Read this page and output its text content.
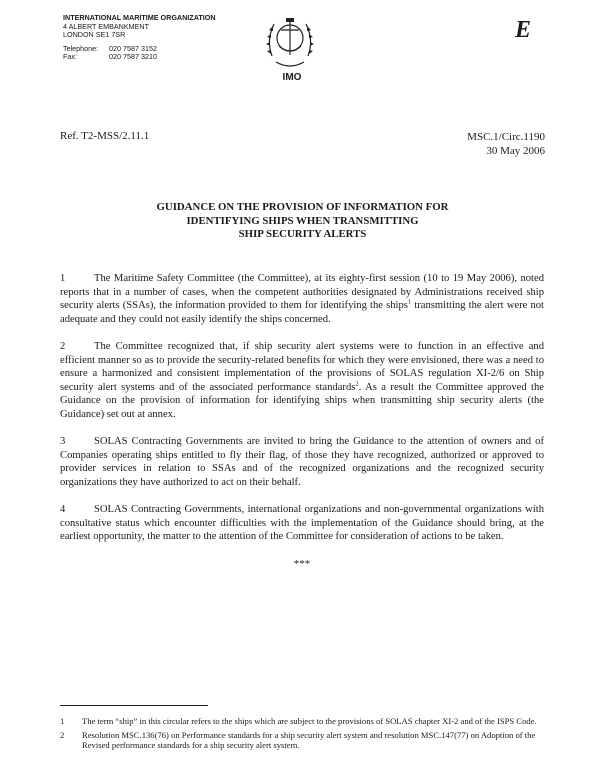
INTERNATIONAL MARITIME ORGANIZATION
4 ALBERT EMBANKMENT
LONDON SE1 7SR
Telephone:	020 7587 3152
Fax:	020 7587 3210
IMO
E
Ref. T2-MSS/2.11.1	MSC.1/Circ.1190
30 May 2006
GUIDANCE ON THE PROVISION OF INFORMATION FOR
IDENTIFYING SHIPS WHEN TRANSMITTING
SHIP SECURITY ALERTS

1	The Maritime Safety Committee (the Committee), at its eighty-first session (10 to 19 May 2006), noted reports that in a number of cases, when the competent authorities designated by Administrations received ship security alerts (SSAs), the information provided to them for identifying the ships$^1$ transmitting the alert were not adequate and they could not easily identify the ships concerned.

2	The Committee recognized that, if ship security alert systems were to function in an effective and efficient manner so as to provide the security-related benefits for which they were envisioned, there was a need to ensure a harmonized and consistent implementation of the provisions of SOLAS regulation XI-2/6 on Ship security alert systems and of the associated performance standards$^2$. As a result the Committee approved the Guidance on the provision of information for identifying ships when transmitting ship security alerts (the Guidance) set out at annex.

3	SOLAS Contracting Governments are invited to bring the Guidance to the attention of owners and of Companies operating ships entitled to fly their flag, of those they have recognized, authorized or approved to provider services in relation to SSAs and of the recognized organizations and the recognized security organizations they have authorized to act on their behalf.

4	SOLAS Contracting Governments, international organizations and non-governmental organizations with consultative status which encounter difficulties with the implementation of the Guidance should bring, at the earliest opportunity, the matter to the attention of the Committee for consideration of actions to be taken.

***
1	The term “ship” in this circular refers to the ships which are subject to the provisions of SOLAS chapter XI-2 and of the ISPS Code.
2	Resolution MSC.136(76) on Performance standards for a ship security alert system and resolution MSC.147(77) on Adoption of the Revised performance standards for a ship security alert system.
